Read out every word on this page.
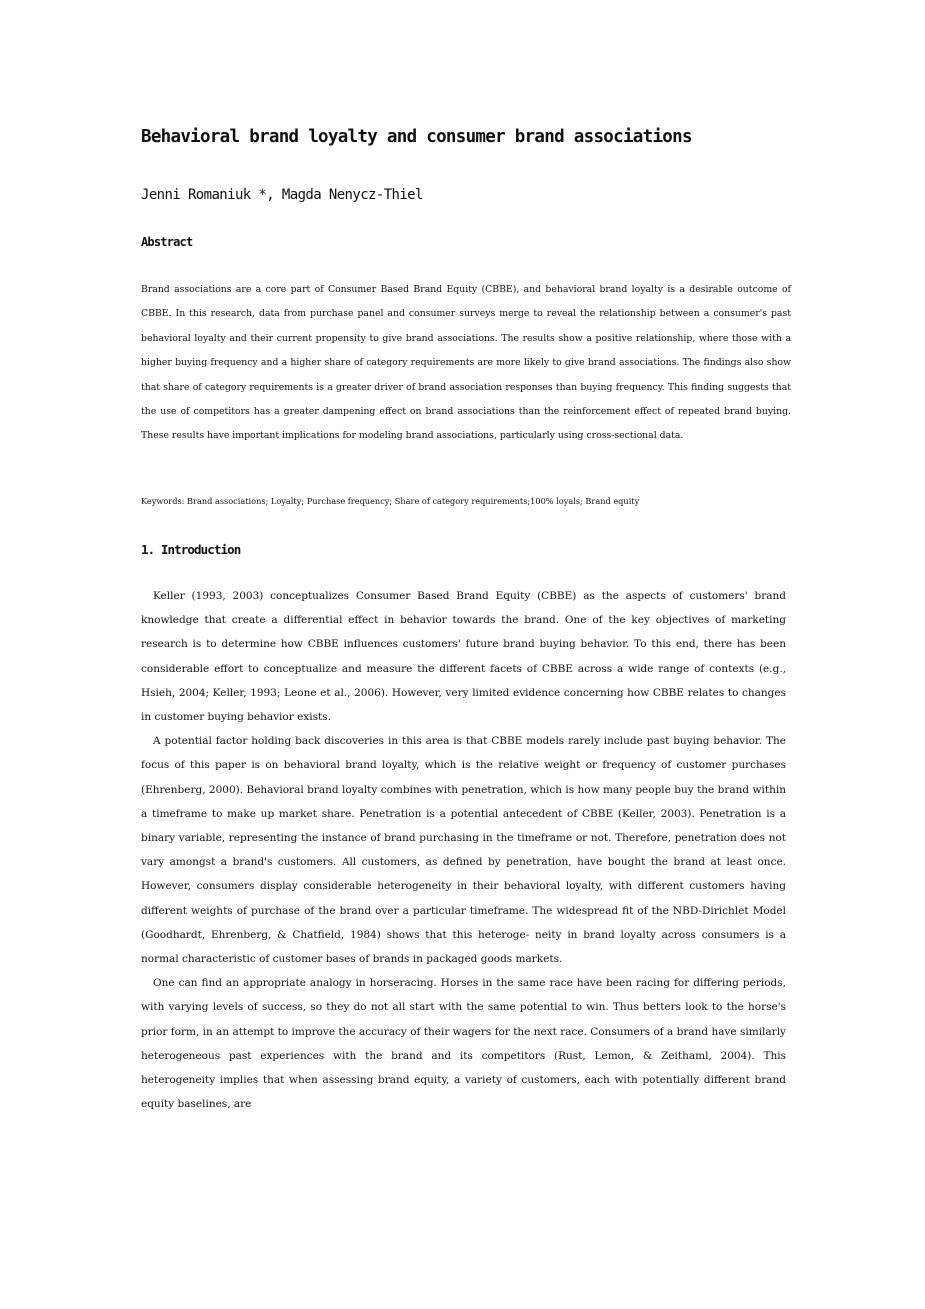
Behavioral brand loyalty and consumer brand associations
Jenni Romaniuk *, Magda Nenycz-Thiel
Abstract

Brand associations are a core part of Consumer Based Brand Equity (CBBE), and behavioral brand loyalty is a desirable outcome of CBBE. In this research, data from purchase panel and consumer surveys merge to reveal the relationship between a consumer's past behavioral loyalty and their current propensity to give brand associations. The results show a positive relationship, where those with a higher buying frequency and a higher share of category requirements are more likely to give brand associations. The findings also show that share of category requirements is a greater driver of brand association responses than buying frequency. This finding suggests that the use of competitors has a greater dampening effect on brand associations than the reinforcement effect of repeated brand buying. These results have important implications for modeling brand associations, particularly using cross-sectional data.

Keywords: Brand associations; Loyalty; Purchase frequency; Share of category requirements;100% loyals; Brand equity

1. Introduction

Keller (1993, 2003) conceptualizes Consumer Based Brand Equity (CBBE) as the aspects of customers' brand knowledge that create a differential effect in behavior towards the brand. One of the key objectives of marketing research is to determine how CBBE influences customers' future brand buying behavior. To this end, there has been considerable effort to conceptualize and measure the different facets of CBBE across a wide range of contexts (e.g., Hsieh, 2004; Keller, 1993; Leone et al., 2006). However, very limited evidence concerning how CBBE relates to changes in customer buying behavior exists.

A potential factor holding back discoveries in this area is that CBBE models rarely include past buying behavior. The focus of this paper is on behavioral brand loyalty, which is the relative weight or frequency of customer purchases (Ehrenberg, 2000). Behavioral brand loyalty combines with penetration, which is how many people buy the brand within a timeframe to make up market share. Penetration is a potential antecedent of CBBE (Keller, 2003). Penetration is a binary variable, representing the instance of brand purchasing in the timeframe or not. Therefore, penetration does not vary amongst a brand's customers. All customers, as defined by penetration, have bought the brand at least once. However, consumers display considerable heterogeneity in their behavioral loyalty, with different customers having different weights of purchase of the brand over a particular timeframe. The widespread fit of the NBD-Dirichlet Model (Goodhardt, Ehrenberg, & Chatfield, 1984) shows that this heteroge- neity in brand loyalty across consumers is a normal characteristic of customer bases of brands in packaged goods markets.

One can find an appropriate analogy in horseracing. Horses in the same race have been racing for differing periods, with varying levels of success, so they do not all start with the same potential to win. Thus betters look to the horse's prior form, in an attempt to improve the accuracy of their wagers for the next race. Consumers of a brand have similarly heterogeneous past experiences with the brand and its competitors (Rust, Lemon, & Zeithaml, 2004). This heterogeneity implies that when assessing brand equity, a variety of customers, each with potentially different brand equity baselines, are
